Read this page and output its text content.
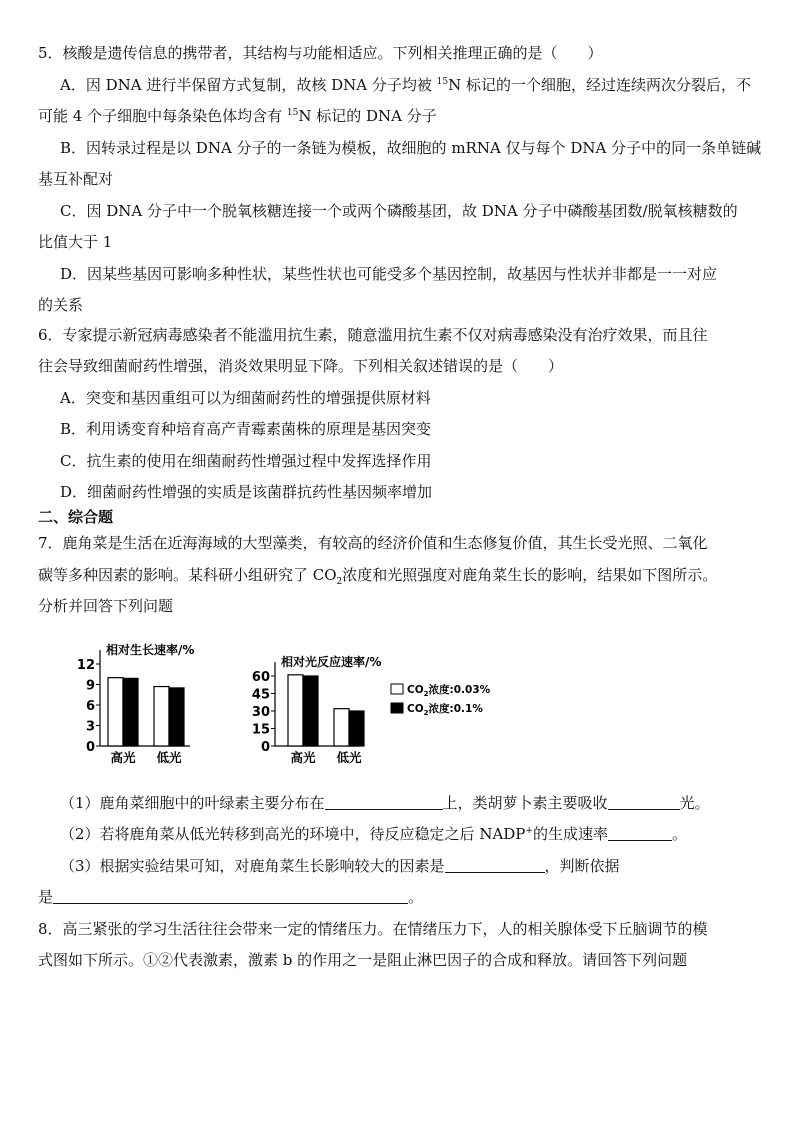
5．核酸是遗传信息的携带者，其结构与功能相适应。下列相关推理正确的是（　　）
A．因 DNA 进行半保留方式复制，故核 DNA 分子均被 $^{15}$N 标记的一个细胞，经过连续两次分裂后，不
可能 4 个子细胞中每条染色体均含有 $^{15}$N 标记的 DNA 分子
B．因转录过程是以 DNA 分子的一条链为模板，故细胞的 mRNA 仅与每个 DNA 分子中的同一条单链碱
基互补配对
C．因 DNA 分子中一个脱氧核糖连接一个或两个磷酸基团，故 DNA 分子中磷酸基团数/脱氧核糖数的
比值大于 1
D．因某些基因可影响多种性状，某些性状也可能受多个基因控制，故基因与性状并非都是一一对应
的关系
6．专家提示新冠病毒感染者不能滥用抗生素，随意滥用抗生素不仅对病毒感染没有治疗效果，而且往
往会导致细菌耐药性增强，消炎效果明显下降。下列相关叙述错误的是（　　）
A．突变和基因重组可以为细菌耐药性的增强提供原材料
B．利用诱变育种培育高产青霉素菌株的原理是基因突变
C．抗生素的使用在细菌耐药性增强过程中发挥选择作用
D．细菌耐药性增强的实质是该菌群抗药性基因频率增加
二、综合题
7．鹿角菜是生活在近海海域的大型藻类，有较高的经济价值和生态修复价值，其生长受光照、二氧化
碳等多种因素的影响。某科研小组研究了 $CO_2$浓度和光照强度对鹿角菜生长的影响，结果如下图所示。
分析并回答下列问题
相对生长速率/%
0
3
6
9
12
高光 低光
相对光反应速率/%
0
15
30
45
60
高光 低光
$CO_2$浓度:0.03%
$CO_2$浓度:0.1%
（1）鹿角菜细胞中的叶绿素主要分布在	上，类胡萝卜素主要吸收	光。
（2）若将鹿角菜从低光转移到高光的环境中，待反应稳定之后 NADP+的生成速率	。
（3）根据实验结果可知，对鹿角菜生长影响较大的因素是	，判断依据
是	。
8．高三紧张的学习生活往往会带来一定的情绪压力。在情绪压力下，人的相关腺体受下丘脑调节的模
式图如下所示。①②代表激素，激素 b 的作用之一是阻止淋巴因子的合成和释放。请回答下列问题
